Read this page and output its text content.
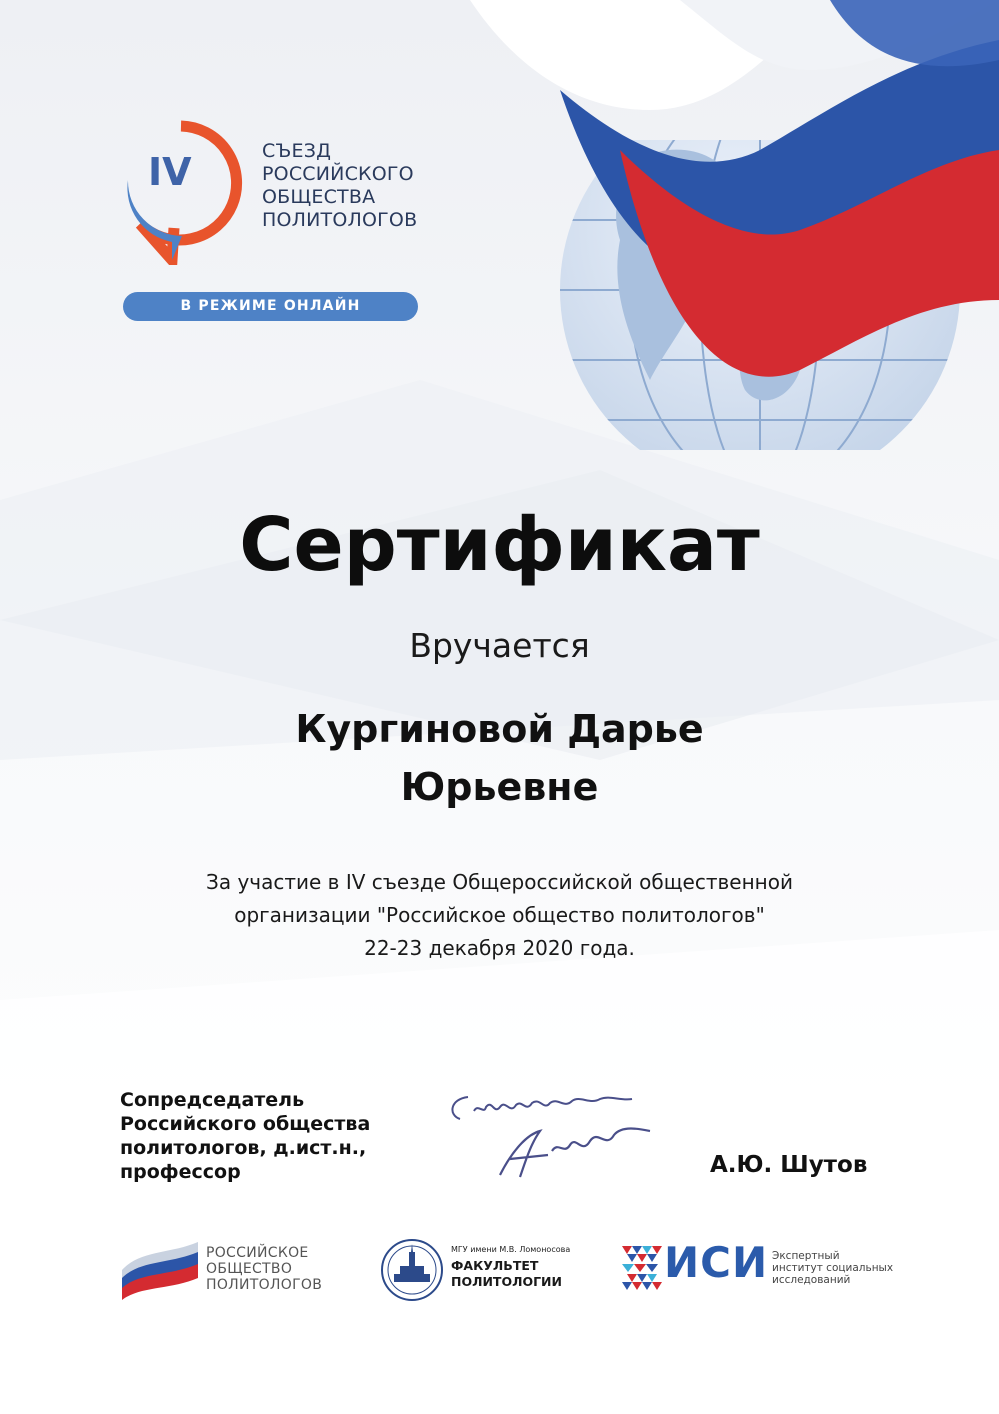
IV	СЪЕЗД
РОССИЙСКОГО
ОБЩЕСТВА
ПОЛИТОЛОГОВ
В РЕЖИМЕ ОНЛАЙН
Сертификат
Вручается
Кургиновой Дарье
Юрьевне
За участие в IV съезде Общероссийской общественной
организации "Российское общество политологов"
22-23 декабря 2020 года.
Сопредседатель
Российского общества
политологов, д.ист.н.,
профессор	А.Ю. Шутов
РОССИЙСКОЕ
ОБЩЕСТВО
ПОЛИТОЛОГОВ
МГУ имени М.В. Ломоносова
ФАКУЛЬТЕТ
ПОЛИТОЛОГИИ ИСИ Экспертный
институт социальных
исследований
